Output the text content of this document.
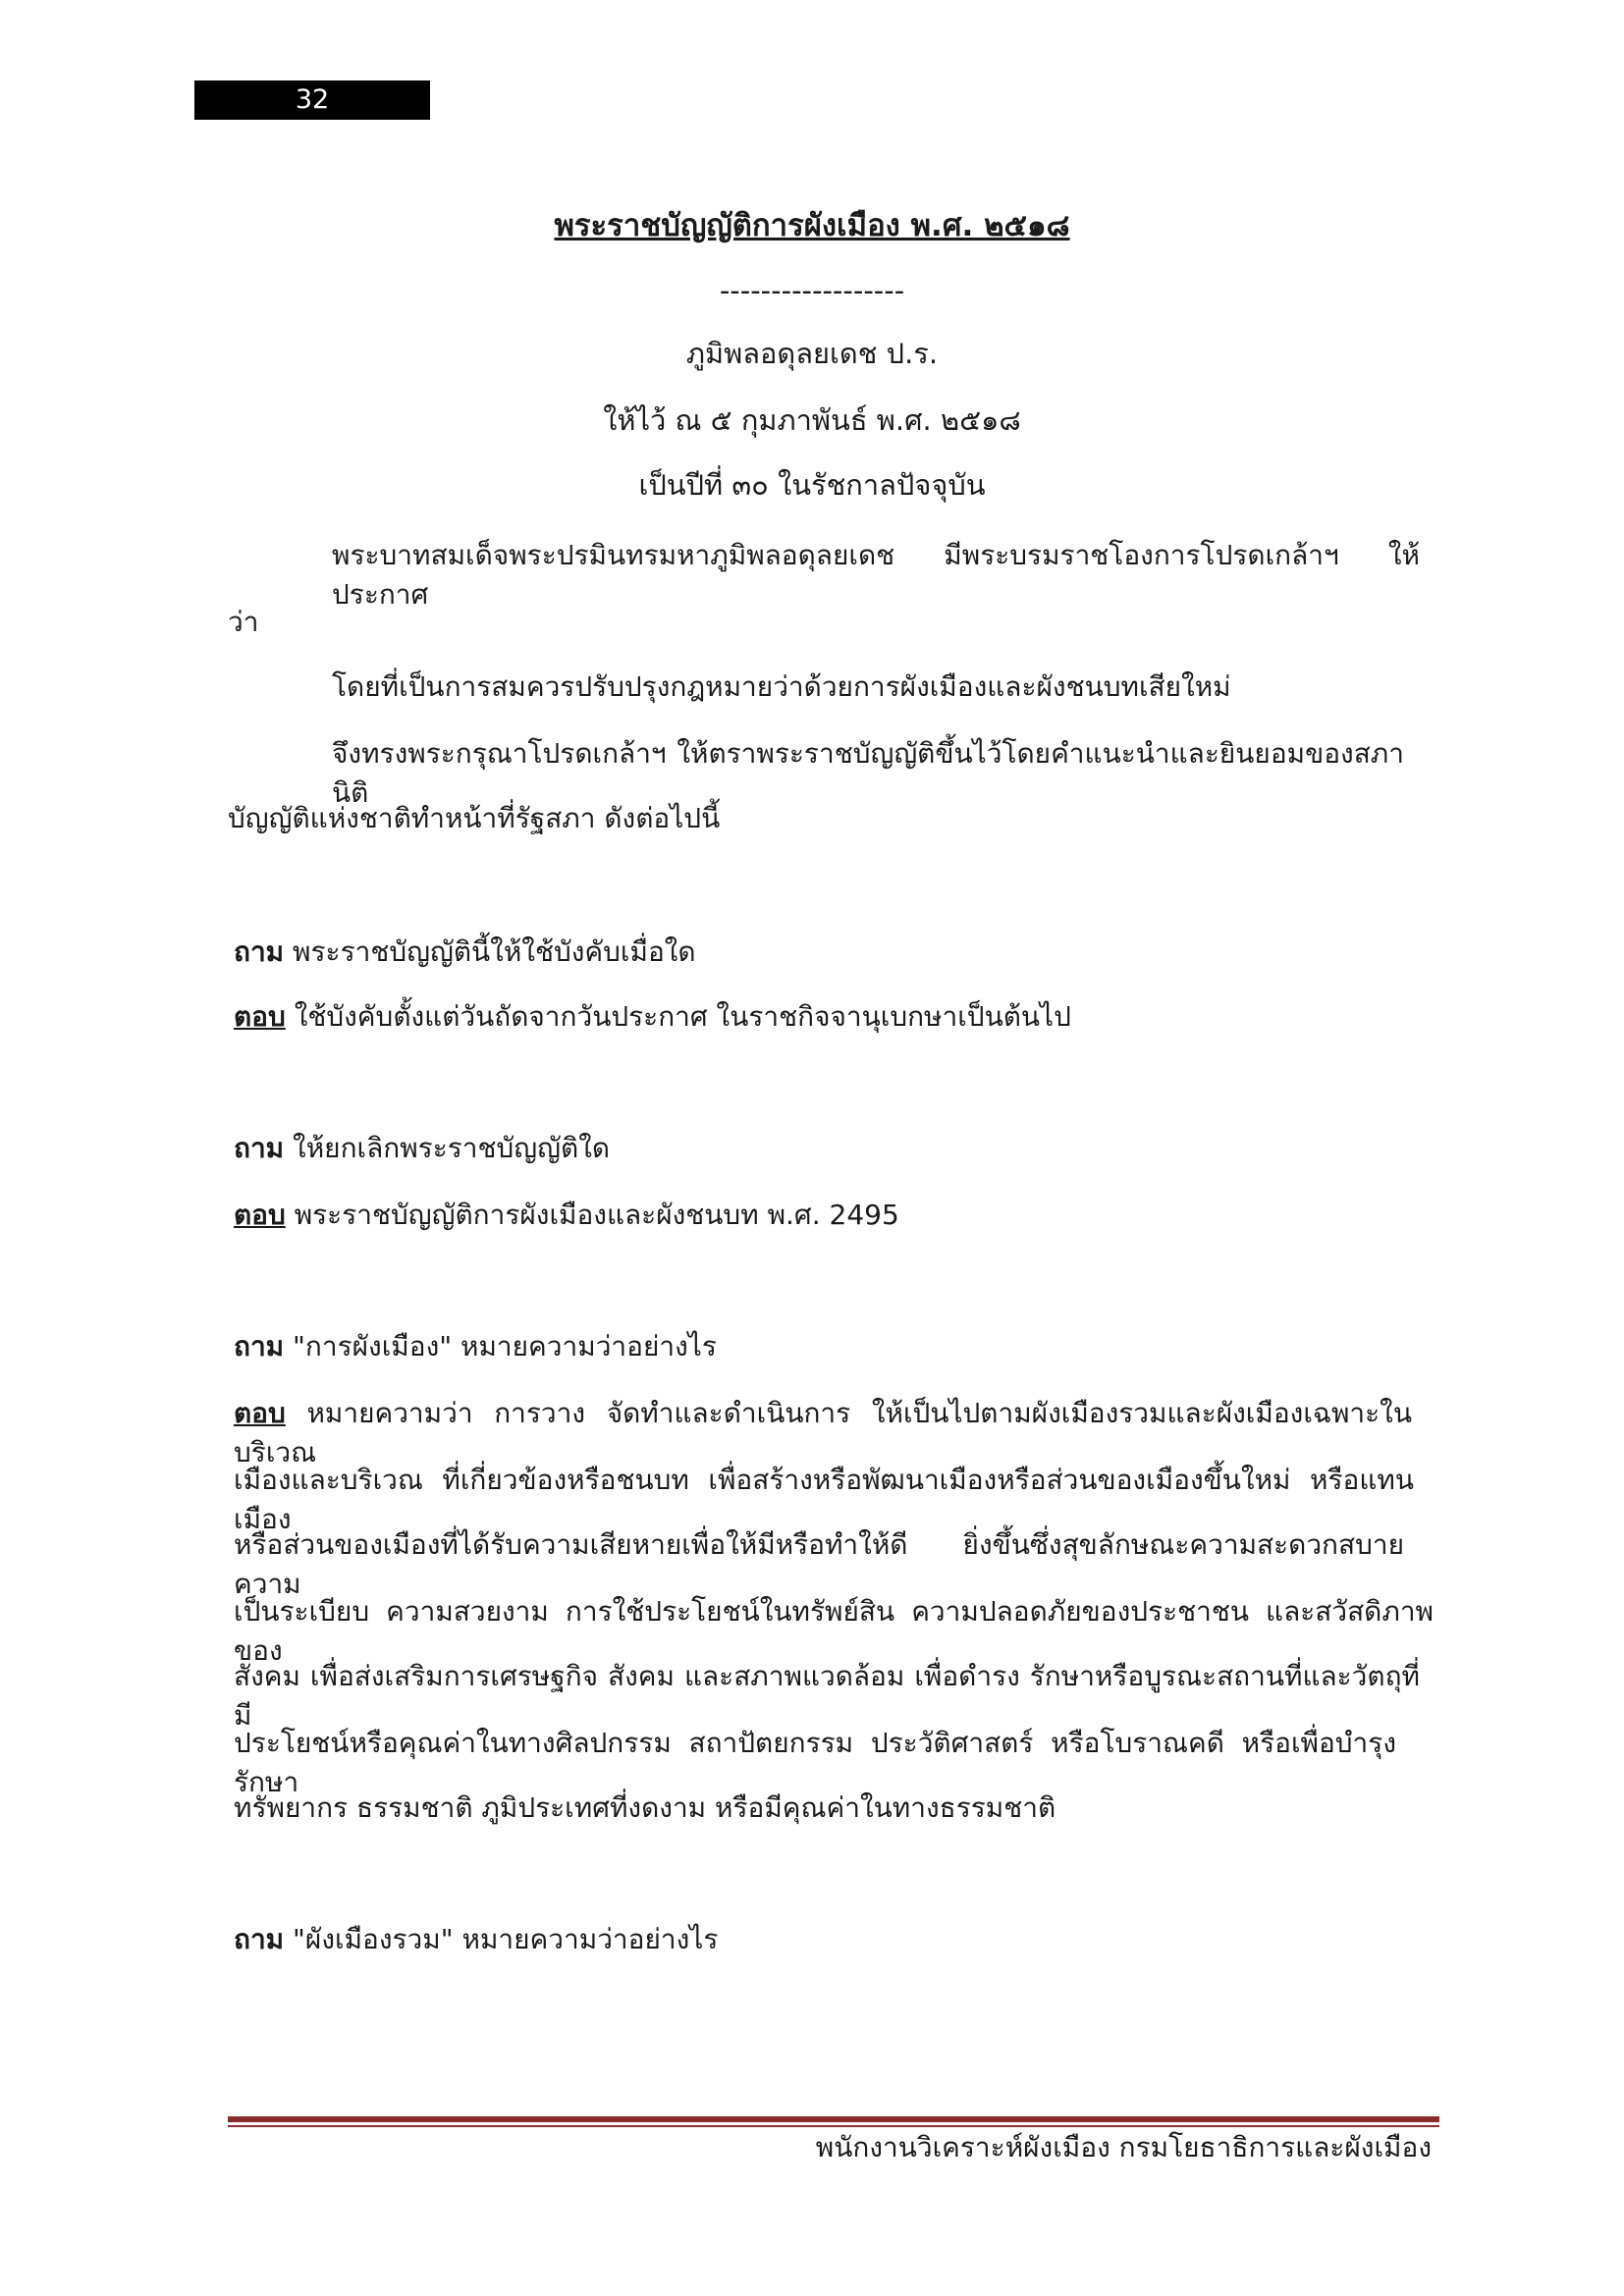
32
พระราชบัญญัติการผังเมือง พ.ศ. ๒๕๑๘
------------------
ภูมิพลอดุลยเดช ป.ร.
ให้ไว้ ณ ๕ กุมภาพันธ์ พ.ศ. ๒๕๑๘
เป็นปีที่ ๓๐ ในรัชกาลปัจจุบัน
พระบาทสมเด็จพระปรมินทรมหาภูมิพลอดุลยเดช มีพระบรมราชโองการโปรดเกล้าฯ ให้ประกาศ
ว่า
โดยที่เป็นการสมควรปรับปรุงกฎหมายว่าด้วยการผังเมืองและผังชนบทเสียใหม่
จึงทรงพระกรุณาโปรดเกล้าฯ ให้ตราพระราชบัญญัติขึ้นไว้โดยคำแนะนำและยินยอมของสภานิติ
บัญญัติแห่งชาติทำหน้าที่รัฐสภา ดังต่อไปนี้
ถาม พระราชบัญญัตินี้ให้ใช้บังคับเมื่อใด
ตอบ ใช้บังคับตั้งแต่วันถัดจากวันประกาศ ในราชกิจจานุเบกษาเป็นต้นไป
ถาม ให้ยกเลิกพระราชบัญญัติใด
ตอบ พระราชบัญญัติการผังเมืองและผังชนบท พ.ศ. 2495
ถาม "การผังเมือง" หมายความว่าอย่างไร
ตอบ หมายความว่า การวาง จัดทำและดำเนินการ ให้เป็นไปตามผังเมืองรวมและผังเมืองเฉพาะในบริเวณ
เมืองและบริเวณ ที่เกี่ยวข้องหรือชนบท เพื่อสร้างหรือพัฒนาเมืองหรือส่วนของเมืองขึ้นใหม่ หรือแทนเมือง
หรือส่วนของเมืองที่ได้รับความเสียหายเพื่อให้มีหรือทำให้ดี ยิ่งขึ้นซึ่งสุขลักษณะความสะดวกสบาย ความ
เป็นระเบียบ ความสวยงาม การใช้ประโยชน์ในทรัพย์สิน ความปลอดภัยของประชาชน และสวัสดิภาพ ของ
สังคม เพื่อส่งเสริมการเศรษฐกิจ สังคม และสภาพแวดล้อม เพื่อดำรง รักษาหรือบูรณะสถานที่และวัตถุที่มี
ประโยชน์หรือคุณค่าในทางศิลปกรรม สถาปัตยกรรม ประวัติศาสตร์ หรือโบราณคดี หรือเพื่อบำรุงรักษา
ทรัพยากร ธรรมชาติ ภูมิประเทศที่งดงาม หรือมีคุณค่าในทางธรรมชาติ
ถาม "ผังเมืองรวม" หมายความว่าอย่างไร
พนักงานวิเคราะห์ผังเมือง กรมโยธาธิการและผังเมือง
